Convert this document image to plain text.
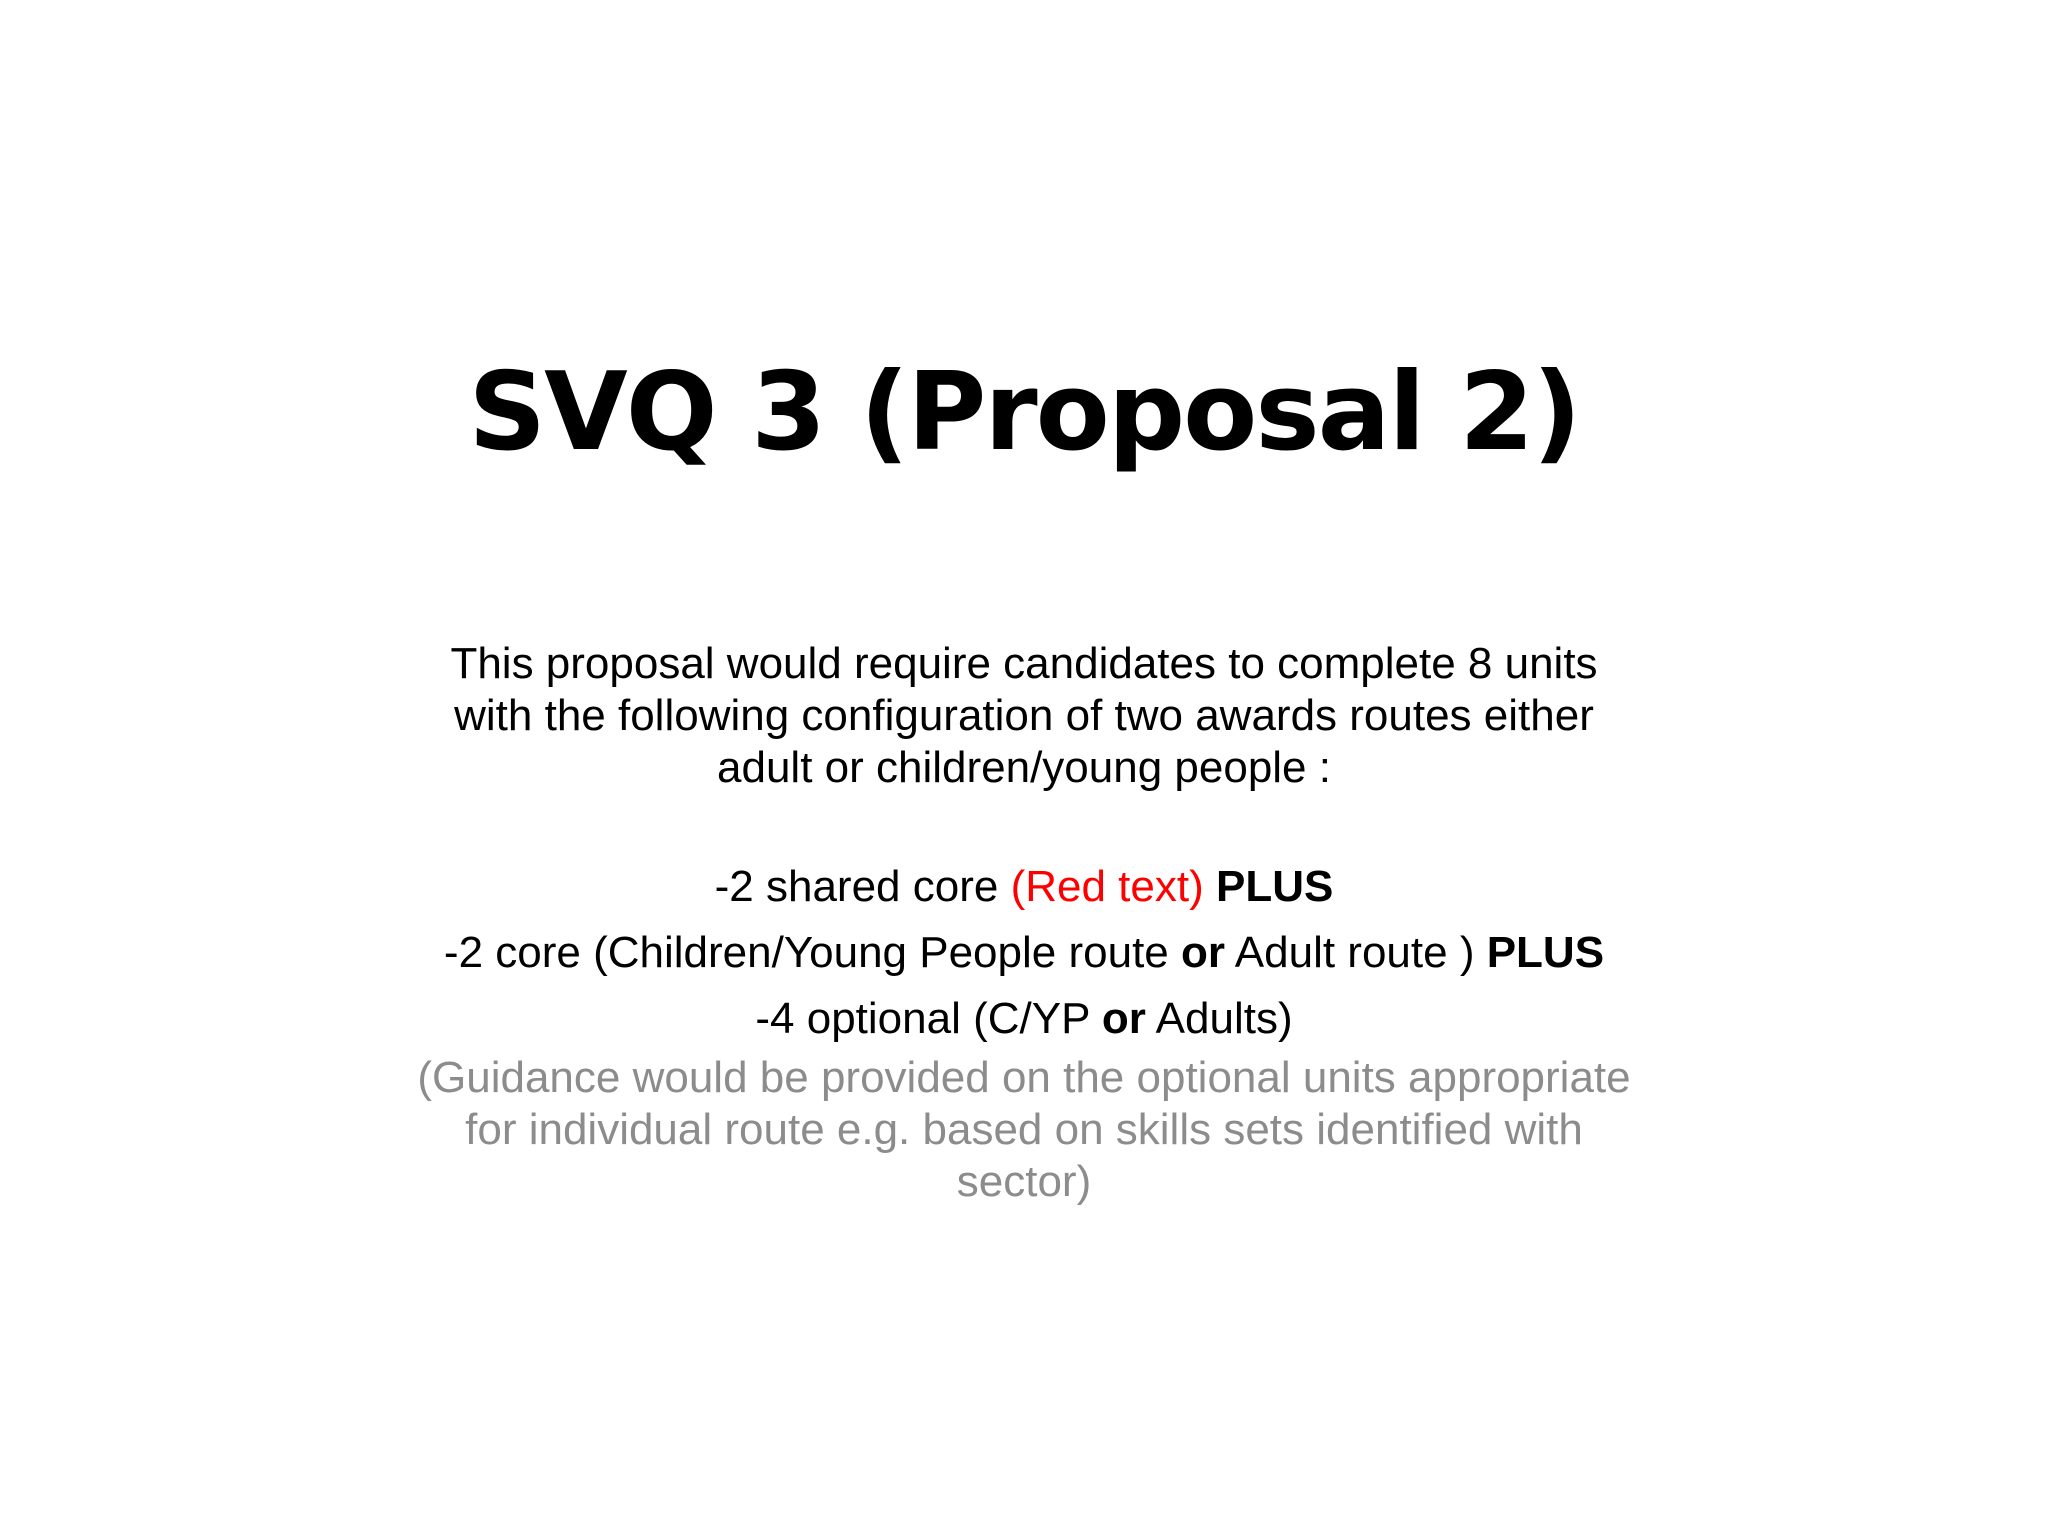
SVQ 3 (Proposal 2)

This proposal would require candidates to complete 8 units
with the following configuration of two awards routes either
adult or children/young people :

-2 shared core (Red text) PLUS

-2 core (Children/Young People route or Adult route ) PLUS

-4 optional (C/YP or Adults)

(Guidance would be provided on the optional units appropriate
for individual route e.g. based on skills sets identified with
sector)
